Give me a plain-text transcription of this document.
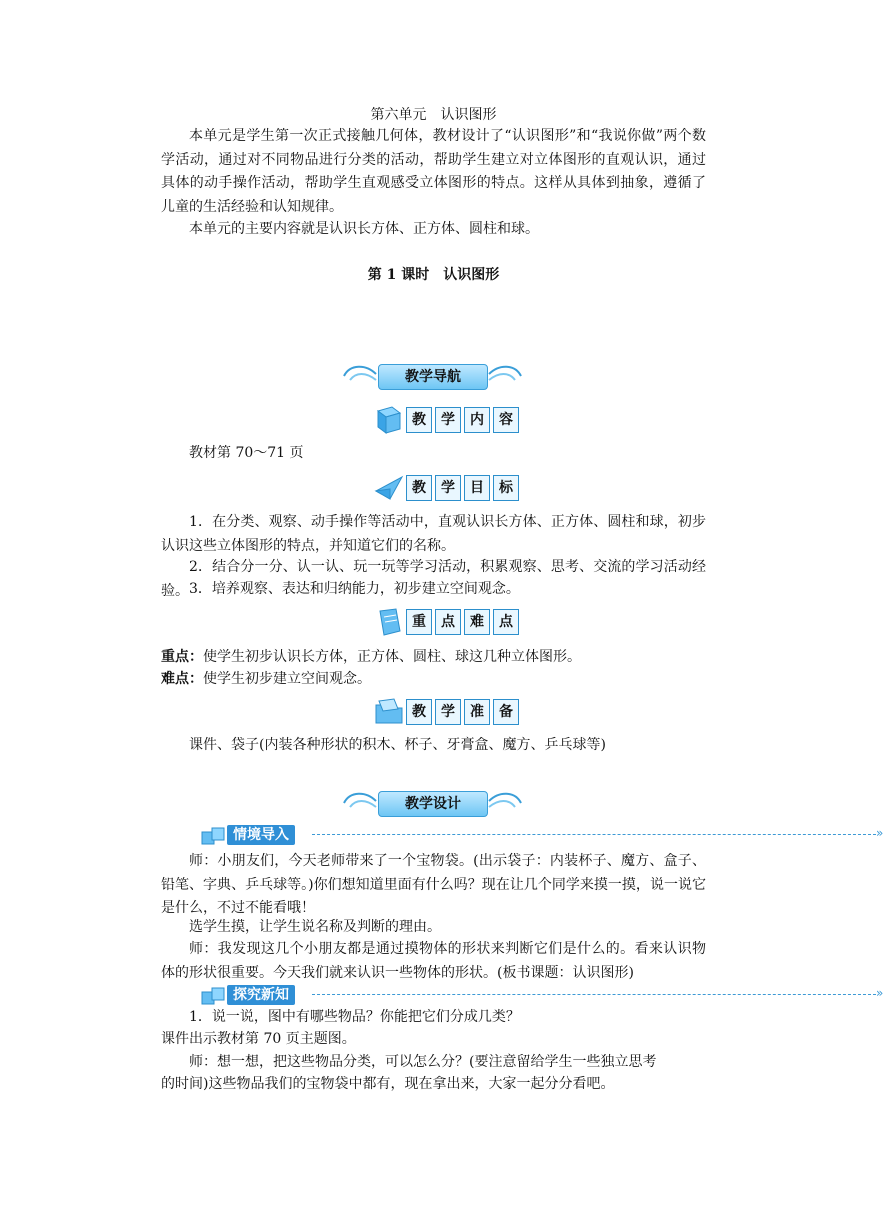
第六单元　认识图形

本单元是学生第一次正式接触几何体，教材设计了“认识图形”和“我说你做”两个数学活动，通过对不同物品进行分类的活动，帮助学生建立对立体图形的直观认识，通过具体的动手操作活动，帮助学生直观感受立体图形的特点。这样从具体到抽象，遵循了儿童的生活经验和认知规律。

本单元的主要内容就是认识长方体、正方体、圆柱和球。

第 1 课时　认识图形
教学导航
教	学	内	容

教材第 70～71 页

教	学	目	标

1．在分类、观察、动手操作等活动中，直观认识长方体、正方体、圆柱和球，初步认识这些立体图形的特点，并知道它们的名称。

2．结合分一分、认一认、玩一玩等学习活动，积累观察、思考、交流的学习活动经验。 3．培养观察、表达和归纳能力，初步建立空间观念。

重	点	难	点

重点：使学生初步认识长方体，正方体、圆柱、球这几种立体图形。

难点：使学生初步建立空间观念。

教	学	准	备

课件、袋子(内装各种形状的积木、杯子、牙膏盒、魔方、乒乓球等)

教学设计
情境导入	»

师：小朋友们，今天老师带来了一个宝物袋。(出示袋子：内装杯子、魔方、盒子、铅笔、字典、乒乓球等。)你们想知道里面有什么吗？现在让几个同学来摸一摸，说一说它是什么，不过不能看哦！

选学生摸，让学生说名称及判断的理由。

师：我发现这几个小朋友都是通过摸物体的形状来判断它们是什么的。看来认识物体的形状很重要。今天我们就来认识一些物体的形状。(板书课题：认识图形)

探究新知	»

1．说一说，图中有哪些物品？你能把它们分成几类？

课件出示教材第 70 页主题图。

师：想一想，把这些物品分类，可以怎么分？(要注意留给学生一些独立思考

的时间)这些物品我们的宝物袋中都有，现在拿出来，大家一起分分看吧。
